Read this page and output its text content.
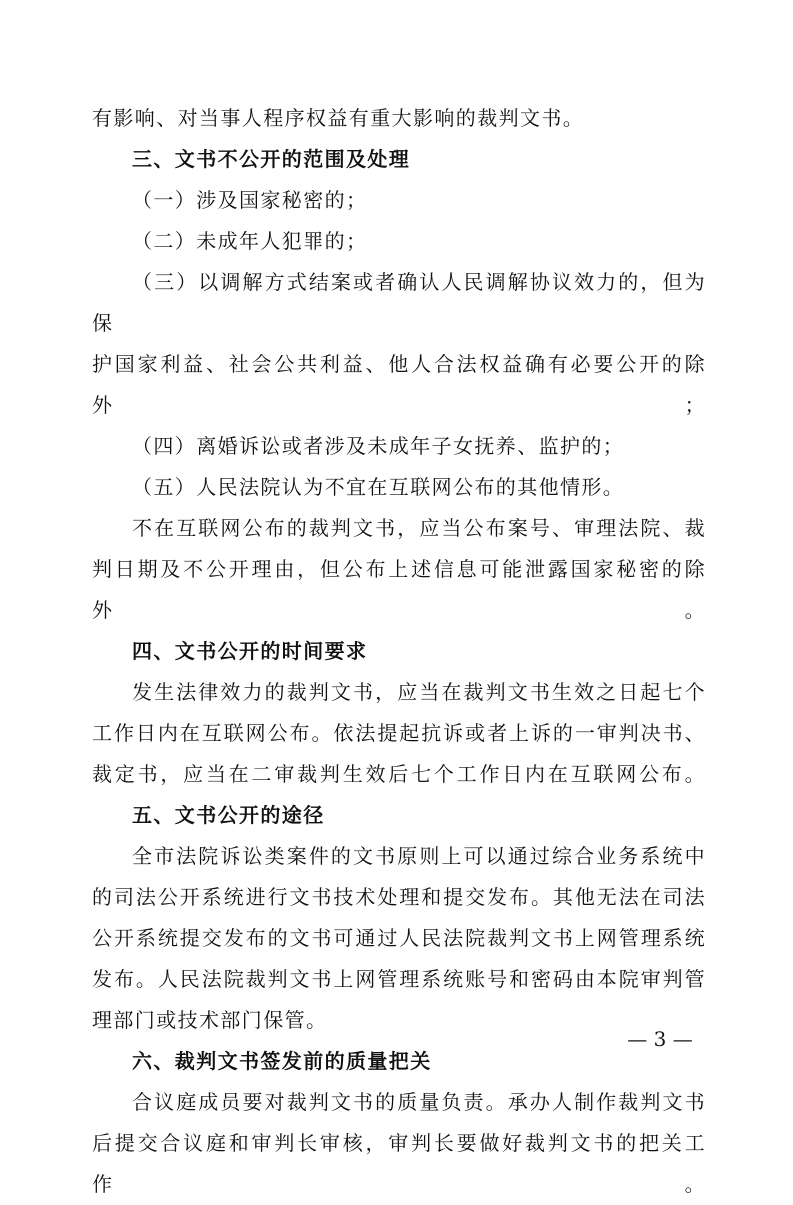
有影响、对当事人程序权益有重大影响的裁判文书。

三、文书不公开的范围及处理

（一）涉及国家秘密的；

（二）未成年人犯罪的；

（三）以调解方式结案或者确认人民调解协议效力的，但为保

护国家利益、社会公共利益、他人合法权益确有必要公开的除外；

（四）离婚诉讼或者涉及未成年子女抚养、监护的；

（五）人民法院认为不宜在互联网公布的其他情形。

不在互联网公布的裁判文书，应当公布案号、审理法院、裁

判日期及不公开理由，但公布上述信息可能泄露国家秘密的除外。

四、文书公开的时间要求

发生法律效力的裁判文书，应当在裁判文书生效之日起七个

工作日内在互联网公布。依法提起抗诉或者上诉的一审判决书、

裁定书，应当在二审裁判生效后七个工作日内在互联网公布。

五、文书公开的途径

全市法院诉讼类案件的文书原则上可以通过综合业务系统中

的司法公开系统进行文书技术处理和提交发布。其他无法在司法

公开系统提交发布的文书可通过人民法院裁判文书上网管理系统

发布。人民法院裁判文书上网管理系统账号和密码由本院审判管

理部门或技术部门保管。

六、裁判文书签发前的质量把关

合议庭成员要对裁判文书的质量负责。承办人制作裁判文书

后提交合议庭和审判长审核，审判长要做好裁判文书的把关工作。

— 3 —
